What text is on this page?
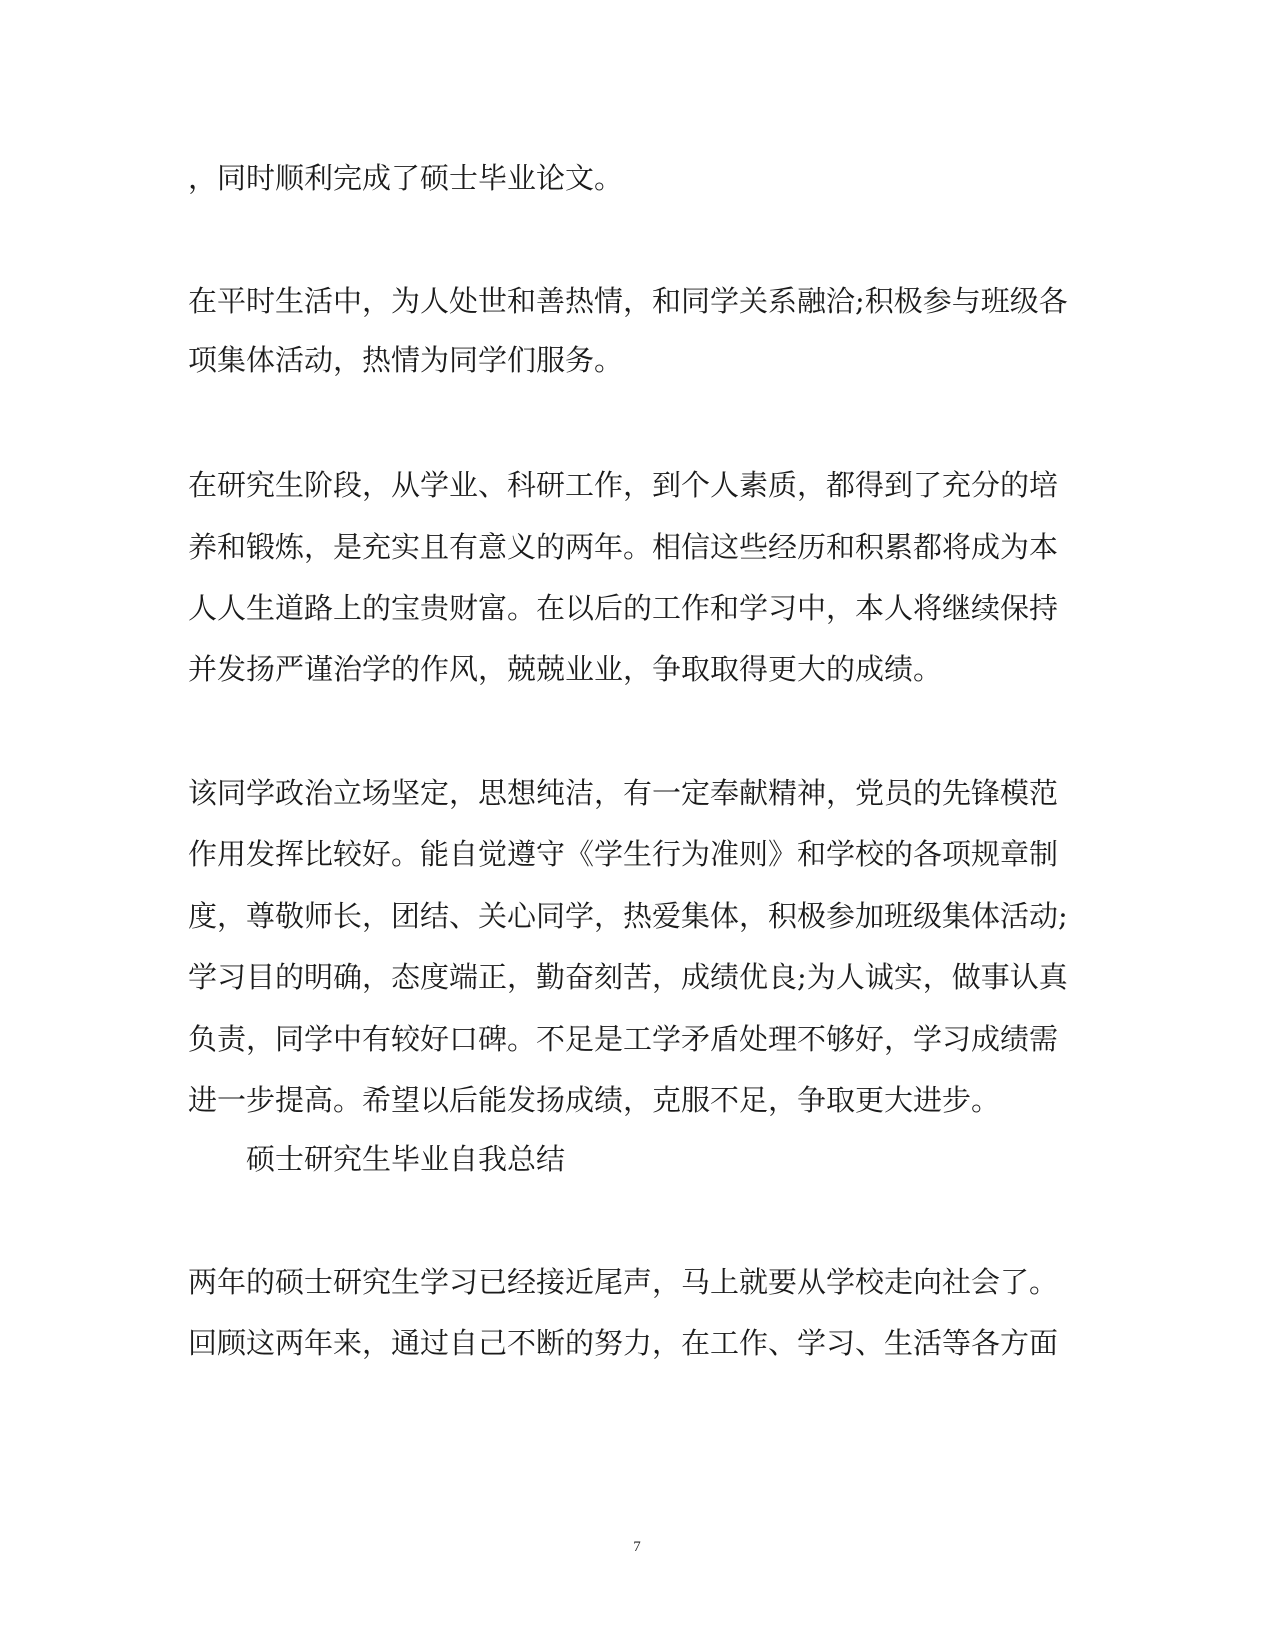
，同时顺利完成了硕士毕业论文。
在平时生活中，为人处世和善热情，和同学关系融洽;积极参与班级各
项集体活动，热情为同学们服务。
在研究生阶段，从学业、科研工作，到个人素质，都得到了充分的培
养和锻炼，是充实且有意义的两年。相信这些经历和积累都将成为本
人人生道路上的宝贵财富。在以后的工作和学习中，本人将继续保持
并发扬严谨治学的作风，兢兢业业，争取取得更大的成绩。
该同学政治立场坚定，思想纯洁，有一定奉献精神，党员的先锋模范
作用发挥比较好。能自觉遵守《学生行为准则》和学校的各项规章制
度，尊敬师长，团结、关心同学，热爱集体，积极参加班级集体活动;
学习目的明确，态度端正，勤奋刻苦，成绩优良;为人诚实，做事认真
负责，同学中有较好口碑。不足是工学矛盾处理不够好，学习成绩需
进一步提高。希望以后能发扬成绩，克服不足，争取更大进步。
硕士研究生毕业自我总结
两年的硕士研究生学习已经接近尾声，马上就要从学校走向社会了。
回顾这两年来，通过自己不断的努力，在工作、学习、生活等各方面
7
